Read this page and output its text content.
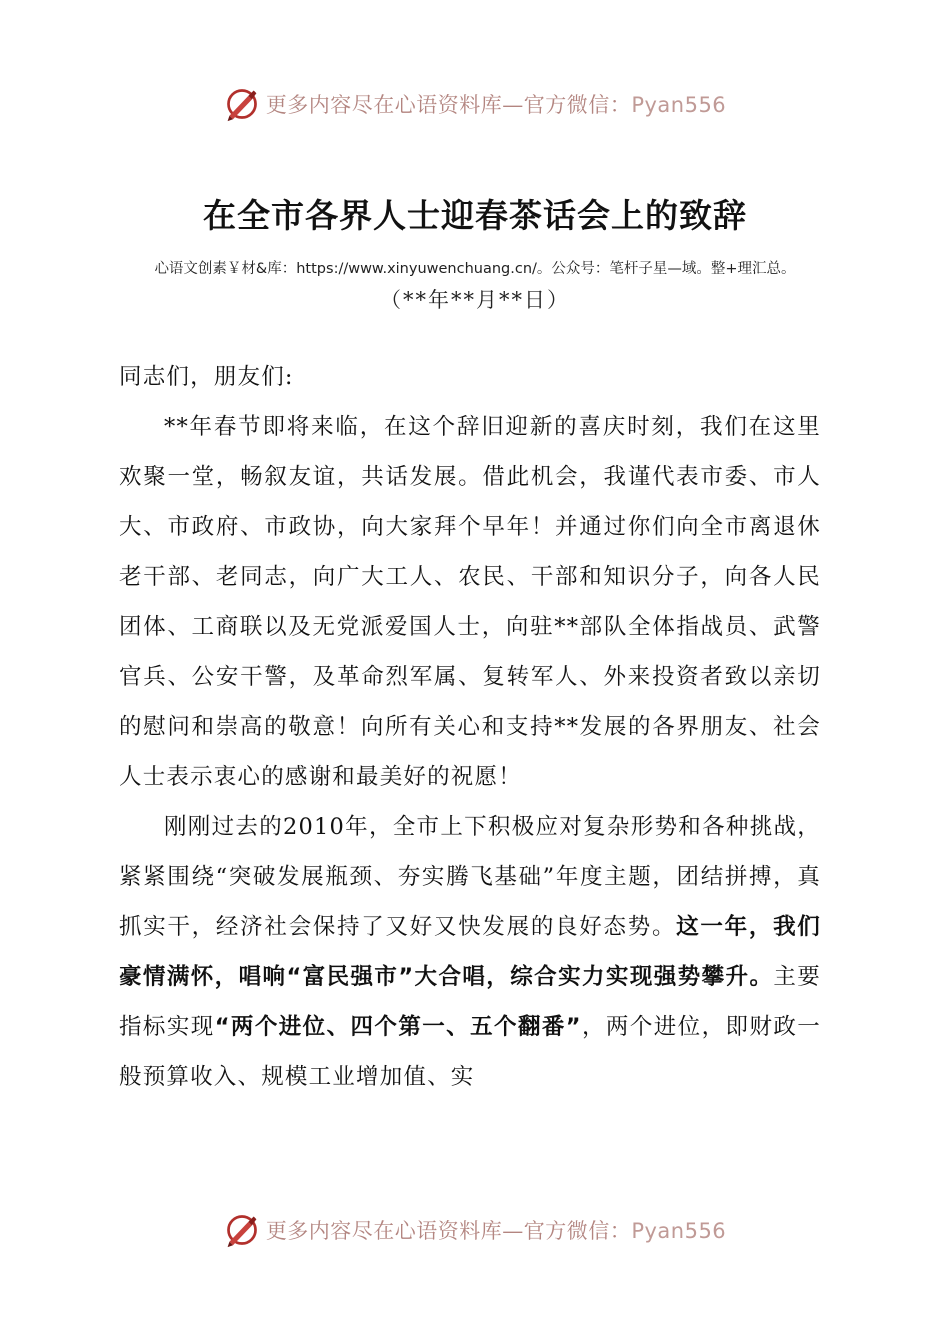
更多内容尽在心语资料库—官方微信：Pyan556
在全市各界人士迎春茶话会上的致辞
心语文创素￥材&库：https://www.xinyuwenchuang.cn/。公众号：笔杆子星—域。整+理汇总。
（**年**月**日）

同志们，朋友们:

**年春节即将来临，在这个辞旧迎新的喜庆时刻，我们在这里欢聚一堂，畅叙友谊，共话发展。借此机会，我谨代表市委、市人大、市政府、市政协，向大家拜个早年！并通过你们向全市离退休老干部、老同志，向广大工人、农民、干部和知识分子，向各人民团体、工商联以及无党派爱国人士，向驻**部队全体指战员、武警官兵、公安干警，及革命烈军属、复转军人、外来投资者致以亲切的慰问和崇高的敬意！向所有关心和支持**发展的各界朋友、社会人士表示衷心的感谢和最美好的祝愿！

刚刚过去的2010年，全市上下积极应对复杂形势和各种挑战，紧紧围绕“突破发展瓶颈、夯实腾飞基础”年度主题，团结拼搏，真抓实干，经济社会保持了又好又快发展的良好态势。这一年，我们豪情满怀，唱响“富民强市”大合唱，综合实力实现强势攀升。主要指标实现“两个进位、四个第一、五个翻番”，两个进位，即财政一般预算收入、规模工业增加值、实

更多内容尽在心语资料库—官方微信：Pyan556
